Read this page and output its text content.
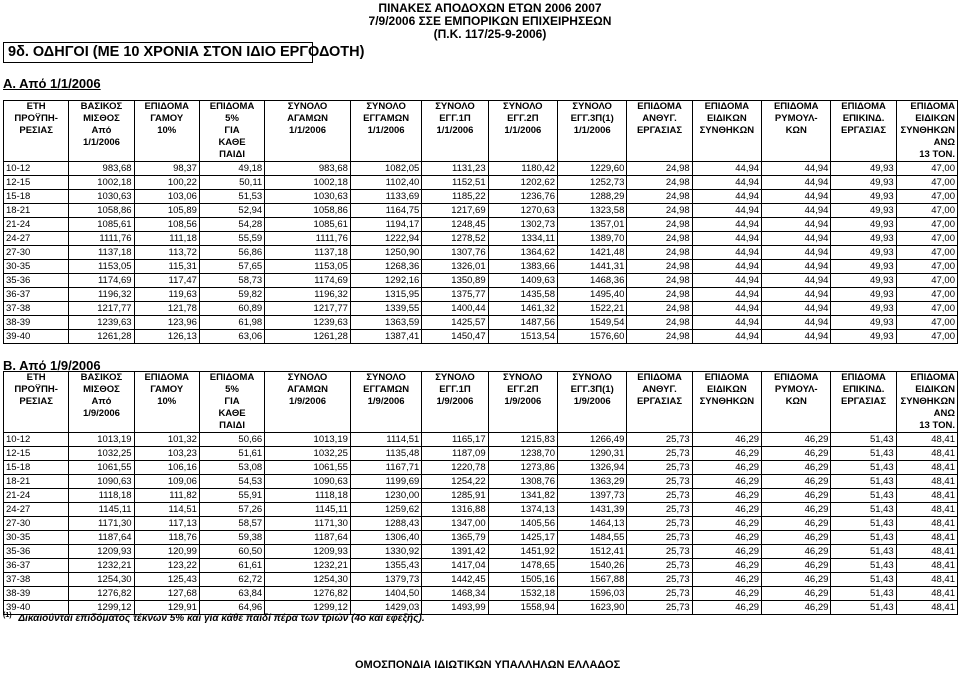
ΠΙΝΑΚΕΣ ΑΠΟΔΟΧΩΝ ΕΤΩΝ 2006 2007
7/9/2006 ΣΣΕ ΕΜΠΟΡΙΚΩΝ ΕΠΙΧΕΙΡΗΣΕΩΝ
(Π.Κ. 117/25-9-2006)
9δ. ΟΔΗΓΟΙ (ΜΕ 10 ΧΡΟΝΙΑ ΣΤΟΝ ΙΔΙΟ ΕΡΓΟΔΟΤΗ)
Α. Από 1/1/2006
ΕΤΗ	ΒΑΣΙΚΟΣ	ΕΠΙΔΟΜΑ	ΕΠΙΔΟΜΑ	ΣΥΝΟΛΟ	ΣΥΝΟΛΟ	ΣΥΝΟΛΟ	ΣΥΝΟΛΟ	ΣΥΝΟΛΟ	ΕΠΙΔΟΜΑ	ΕΠΙΔΟΜΑ	ΕΠΙΔΟΜΑ	ΕΠΙΔΟΜΑ	ΕΠΙΔΟΜΑ
ΠΡΟΫΠΗ-	ΜΙΣΘΟΣ	ΓΑΜΟΥ	5%	ΑΓΑΜΩΝ	ΕΓΓΑΜΩΝ	ΕΓΓ.1Π	ΕΓΓ.2Π	ΕΓΓ.3Π(1)	ΑΝΘΥΓ.	ΕΙΔΙΚΩΝ	ΡΥΜΟΥΛ-	ΕΠΙΚΙΝΔ.	ΕΙΔΙΚΩΝ
ΡΕΣΙΑΣ	Από	10%	ΓΙΑ	1/1/2006	1/1/2006	1/1/2006	1/1/2006	1/1/2006	ΕΡΓΑΣΙΑΣ	ΣΥΝΘΗΚΩΝ	ΚΩΝ	ΕΡΓΑΣΙΑΣ	ΣΥΝΘΗΚΩΝ
	1/1/2006		ΚΑΘΕ										ΑΝΩ
			ΠΑΙΔΙ										13 ΤΟΝ.
10-12	983,68	98,37	49,18	983,68	1082,05	1131,23	1180,42	1229,60	24,98	44,94	44,94	49,93	47,00
12-15	1002,18	100,22	50,11	1002,18	1102,40	1152,51	1202,62	1252,73	24,98	44,94	44,94	49,93	47,00
15-18	1030,63	103,06	51,53	1030,63	1133,69	1185,22	1236,76	1288,29	24,98	44,94	44,94	49,93	47,00
18-21	1058,86	105,89	52,94	1058,86	1164,75	1217,69	1270,63	1323,58	24,98	44,94	44,94	49,93	47,00
21-24	1085,61	108,56	54,28	1085,61	1194,17	1248,45	1302,73	1357,01	24,98	44,94	44,94	49,93	47,00
24-27	1111,76	111,18	55,59	1111,76	1222,94	1278,52	1334,11	1389,70	24,98	44,94	44,94	49,93	47,00
27-30	1137,18	113,72	56,86	1137,18	1250,90	1307,76	1364,62	1421,48	24,98	44,94	44,94	49,93	47,00
30-35	1153,05	115,31	57,65	1153,05	1268,36	1326,01	1383,66	1441,31	24,98	44,94	44,94	49,93	47,00
35-36	1174,69	117,47	58,73	1174,69	1292,16	1350,89	1409,63	1468,36	24,98	44,94	44,94	49,93	47,00
36-37	1196,32	119,63	59,82	1196,32	1315,95	1375,77	1435,58	1495,40	24,98	44,94	44,94	49,93	47,00
37-38	1217,77	121,78	60,89	1217,77	1339,55	1400,44	1461,32	1522,21	24,98	44,94	44,94	49,93	47,00
38-39	1239,63	123,96	61,98	1239,63	1363,59	1425,57	1487,56	1549,54	24,98	44,94	44,94	49,93	47,00
39-40	1261,28	126,13	63,06	1261,28	1387,41	1450,47	1513,54	1576,60	24,98	44,94	44,94	49,93	47,00
Β. Από 1/9/2006
ΕΤΗ	ΒΑΣΙΚΟΣ	ΕΠΙΔΟΜΑ	ΕΠΙΔΟΜΑ	ΣΥΝΟΛΟ	ΣΥΝΟΛΟ	ΣΥΝΟΛΟ	ΣΥΝΟΛΟ	ΣΥΝΟΛΟ	ΕΠΙΔΟΜΑ	ΕΠΙΔΟΜΑ	ΕΠΙΔΟΜΑ	ΕΠΙΔΟΜΑ	ΕΠΙΔΟΜΑ
ΠΡΟΫΠΗ-	ΜΙΣΘΟΣ	ΓΑΜΟΥ	5%	ΑΓΑΜΩΝ	ΕΓΓΑΜΩΝ	ΕΓΓ.1Π	ΕΓΓ.2Π	ΕΓΓ.3Π(1)	ΑΝΘΥΓ.	ΕΙΔΙΚΩΝ	ΡΥΜΟΥΛ-	ΕΠΙΚΙΝΔ.	ΕΙΔΙΚΩΝ
ΡΕΣΙΑΣ	Από	10%	ΓΙΑ	1/9/2006	1/9/2006	1/9/2006	1/9/2006	1/9/2006	ΕΡΓΑΣΙΑΣ	ΣΥΝΘΗΚΩΝ	ΚΩΝ	ΕΡΓΑΣΙΑΣ	ΣΥΝΘΗΚΩΝ
	1/9/2006		ΚΑΘΕ										ΑΝΩ
			ΠΑΙΔΙ										13 ΤΟΝ.
10-12	1013,19	101,32	50,66	1013,19	1114,51	1165,17	1215,83	1266,49	25,73	46,29	46,29	51,43	48,41
12-15	1032,25	103,23	51,61	1032,25	1135,48	1187,09	1238,70	1290,31	25,73	46,29	46,29	51,43	48,41
15-18	1061,55	106,16	53,08	1061,55	1167,71	1220,78	1273,86	1326,94	25,73	46,29	46,29	51,43	48,41
18-21	1090,63	109,06	54,53	1090,63	1199,69	1254,22	1308,76	1363,29	25,73	46,29	46,29	51,43	48,41
21-24	1118,18	111,82	55,91	1118,18	1230,00	1285,91	1341,82	1397,73	25,73	46,29	46,29	51,43	48,41
24-27	1145,11	114,51	57,26	1145,11	1259,62	1316,88	1374,13	1431,39	25,73	46,29	46,29	51,43	48,41
27-30	1171,30	117,13	58,57	1171,30	1288,43	1347,00	1405,56	1464,13	25,73	46,29	46,29	51,43	48,41
30-35	1187,64	118,76	59,38	1187,64	1306,40	1365,79	1425,17	1484,55	25,73	46,29	46,29	51,43	48,41
35-36	1209,93	120,99	60,50	1209,93	1330,92	1391,42	1451,92	1512,41	25,73	46,29	46,29	51,43	48,41
36-37	1232,21	123,22	61,61	1232,21	1355,43	1417,04	1478,65	1540,26	25,73	46,29	46,29	51,43	48,41
37-38	1254,30	125,43	62,72	1254,30	1379,73	1442,45	1505,16	1567,88	25,73	46,29	46,29	51,43	48,41
38-39	1276,82	127,68	63,84	1276,82	1404,50	1468,34	1532,18	1596,03	25,73	46,29	46,29	51,43	48,41
39-40	1299,12	129,91	64,96	1299,12	1429,03	1493,99	1558,94	1623,90	25,73	46,29	46,29	51,43	48,41
$^{(1)}$ Δικαιούνται επιδόματος τέκνων 5% και για κάθε παιδί πέρα των τριών (4ο και εφεξής).
ΟΜΟΣΠΟΝΔΙΑ ΙΔΙΩΤΙΚΩΝ ΥΠΑΛΛΗΛΩΝ ΕΛΛΑΔΟΣ
